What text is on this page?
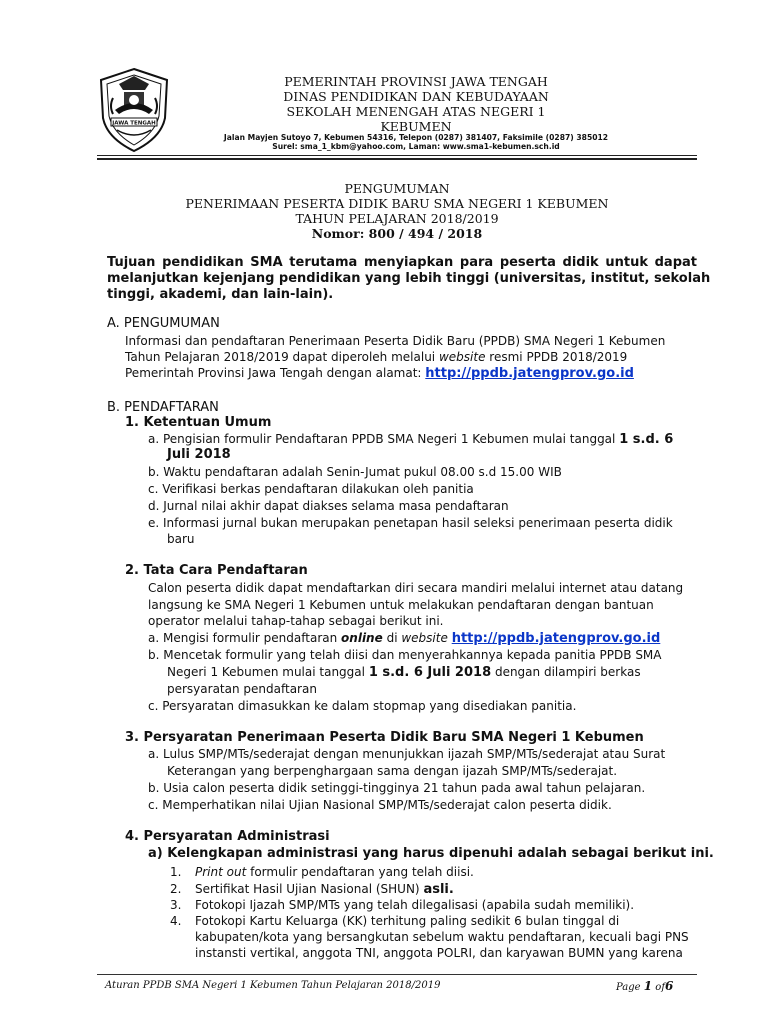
JAWA TENGAH
PEMERINTAH PROVINSI JAWA TENGAH
DINAS PENDIDIKAN DAN KEBUDAYAAN
SEKOLAH MENENGAH ATAS NEGERI 1
KEBUMEN
Jalan Mayjen Sutoyo 7, Kebumen 54316, Telepon (0287) 381407, Faksimile (0287) 385012
Surel: sma_1_kbm@yahoo.com, Laman: www.sma1-kebumen.sch.id
PENGUMUMAN
PENERIMAAN PESERTA DIDIK BARU SMA NEGERI 1 KEBUMEN
TAHUN PELAJARAN 2018/2019
Nomor: 800 / 494 / 2018
Tujuan pendidikan SMA terutama menyiapkan para peserta didik untuk dapat
melanjutkan kejenjang pendidikan yang lebih tinggi (universitas, institut, sekolah
tinggi, akademi, dan lain-lain).
A. PENGUMUMAN
Informasi dan pendaftaran Penerimaan Peserta Didik Baru (PPDB) SMA Negeri 1 Kebumen
Tahun Pelajaran 2018/2019 dapat diperoleh melalui website resmi PPDB 2018/2019
Pemerintah Provinsi Jawa Tengah dengan alamat: http://ppdb.jatengprov.go.id
B. PENDAFTARAN
1. Ketentuan Umum
a. Pengisian formulir Pendaftaran PPDB SMA Negeri 1 Kebumen mulai tanggal 1 s.d. 6
Juli 2018
b. Waktu pendaftaran adalah Senin-Jumat pukul 08.00 s.d 15.00 WIB
c. Verifikasi berkas pendaftaran dilakukan oleh panitia
d. Jurnal nilai akhir dapat diakses selama masa pendaftaran
e. Informasi jurnal bukan merupakan penetapan hasil seleksi penerimaan peserta didik
baru
2. Tata Cara Pendaftaran
Calon peserta didik dapat mendaftarkan diri secara mandiri melalui internet atau datang
langsung ke SMA Negeri 1 Kebumen untuk melakukan pendaftaran dengan bantuan
operator melalui tahap-tahap sebagai berikut ini.
a. Mengisi formulir pendaftaran online di website http://ppdb.jatengprov.go.id
b. Mencetak formulir yang telah diisi dan menyerahkannya kepada panitia PPDB SMA
Negeri 1 Kebumen mulai tanggal 1 s.d. 6 Juli 2018 dengan dilampiri berkas
persyaratan pendaftaran
c. Persyaratan dimasukkan ke dalam stopmap yang disediakan panitia.
3. Persyaratan Penerimaan Peserta Didik Baru SMA Negeri 1 Kebumen
a. Lulus SMP/MTs/sederajat dengan menunjukkan ijazah SMP/MTs/sederajat atau Surat
Keterangan yang berpenghargaan sama dengan ijazah SMP/MTs/sederajat.
b. Usia calon peserta didik setinggi-tingginya 21 tahun pada awal tahun pelajaran.
c. Memperhatikan nilai Ujian Nasional SMP/MTs/sederajat calon peserta didik.
4. Persyaratan Administrasi
a) Kelengkapan administrasi yang harus dipenuhi adalah sebagai berikut ini.
1. Print out formulir pendaftaran yang telah diisi.
2. Sertifikat Hasil Ujian Nasional (SHUN) asli.
3. Fotokopi Ijazah SMP/MTs yang telah dilegalisasi (apabila sudah memiliki).
4. Fotokopi Kartu Keluarga (KK) terhitung paling sedikit 6 bulan tinggal di
kabupaten/kota yang bersangkutan sebelum waktu pendaftaran, kecuali bagi PNS
instansti vertikal, anggota TNI, anggota POLRI, dan karyawan BUMN yang karena
Aturan PPDB SMA Negeri 1 Kebumen Tahun Pelajaran 2018/2019	Page 1 of6
